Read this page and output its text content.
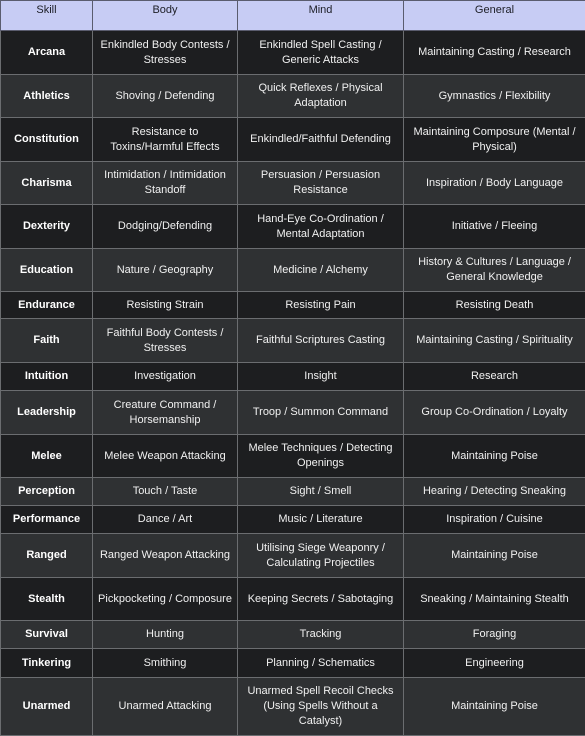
Skill	Body	Mind	General
Arcana	Enkindled Body Contests / Stresses	Enkindled Spell Casting / Generic Attacks	Maintaining Casting / Research
Athletics	Shoving / Defending	Quick Reflexes / Physical Adaptation	Gymnastics / Flexibility
Constitution	Resistance to Toxins/Harmful Effects	Enkindled/Faithful Defending	Maintaining Composure (Mental / Physical)
Charisma	Intimidation / Intimidation Standoff	Persuasion / Persuasion Resistance	Inspiration / Body Language
Dexterity	Dodging/Defending	Hand-Eye Co-Ordination / Mental Adaptation	Initiative / Fleeing
Education	Nature / Geography	Medicine / Alchemy	History & Cultures / Language / General Knowledge
Endurance	Resisting Strain	Resisting Pain	Resisting Death
Faith	Faithful Body Contests / Stresses	Faithful Scriptures Casting	Maintaining Casting / Spirituality
Intuition	Investigation	Insight	Research
Leadership	Creature Command / Horsemanship	Troop / Summon Command	Group Co-Ordination / Loyalty
Melee	Melee Weapon Attacking	Melee Techniques / Detecting Openings	Maintaining Poise
Perception	Touch / Taste	Sight / Smell	Hearing / Detecting Sneaking
Performance	Dance / Art	Music / Literature	Inspiration / Cuisine
Ranged	Ranged Weapon Attacking	Utilising Siege Weaponry / Calculating Projectiles	Maintaining Poise
Stealth	Pickpocketing / Composure	Keeping Secrets / Sabotaging	Sneaking / Maintaining Stealth
Survival	Hunting	Tracking	Foraging
Tinkering	Smithing	Planning / Schematics	Engineering
Unarmed	Unarmed Attacking	Unarmed Spell Recoil Checks (Using Spells Without a Catalyst)	Maintaining Poise
